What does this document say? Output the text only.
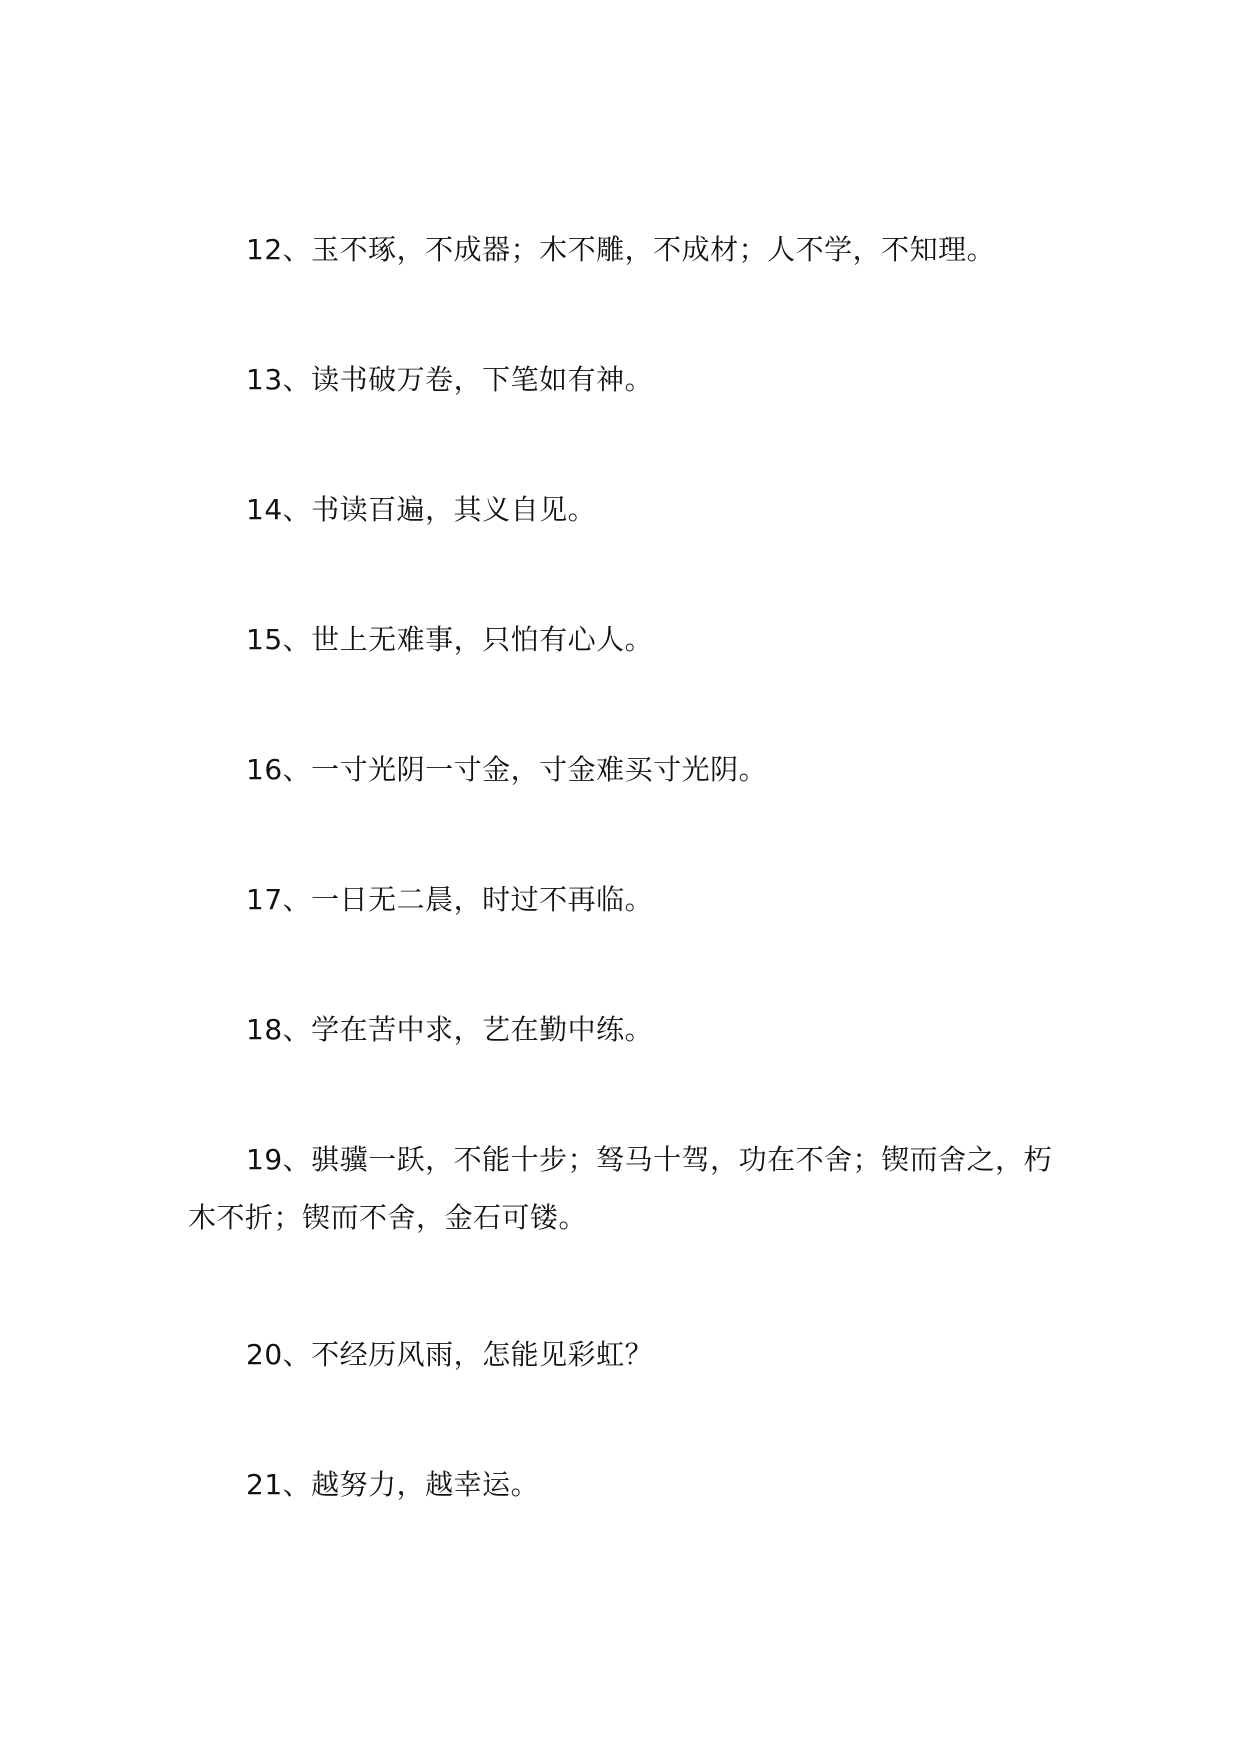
12、玉不琢，不成器；木不雕，不成材；人不学，不知理。

13、读书破万卷，下笔如有神。

14、书读百遍，其义自见。

15、世上无难事，只怕有心人。

16、一寸光阴一寸金，寸金难买寸光阴。

17、一日无二晨，时过不再临。

18、学在苦中求，艺在勤中练。

19、骐骥一跃，不能十步；驽马十驾，功在不舍；锲而舍之，朽木不折；锲而不舍，金石可镂。

20、不经历风雨，怎能见彩虹？

21、越努力，越幸运。
